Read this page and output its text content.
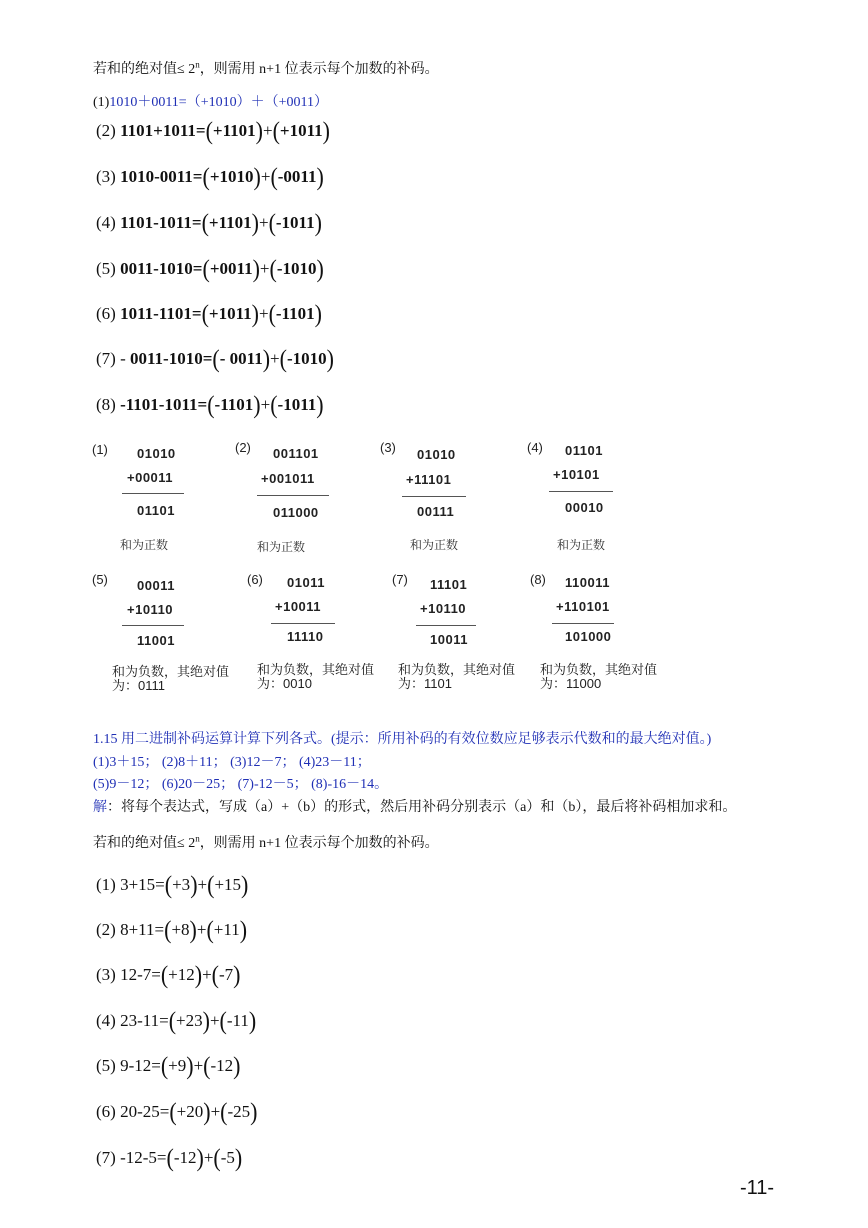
若和的绝对值≤ $2^n$，则需用 n+1 位表示每个加数的补码。
(1)1010＋0011=（+1010）＋（+0011）
(2) 1101+1011=(+1101)+(+1011)
(3) 1010-0011=(+1010)+(-0011)
(4) 1101-1011=(+1101)+(-1011)
(5) 0011-1010=(+0011)+(-1010)
(6) 1011-1101=(+1011)+(-1101)
(7) - 0011-1010=(- 0011)+(-1010)
(8) -1101-1011=(-1101)+(-1011)
(1) 01010
+00011
01101
和为正数
(2) 001101
+001011
011000
和为正数
(3) 01010
+11101
00111
和为正数
(4) 01101
+10101
00010
和为正数
(5) 00011
+10110
11001
和为负数，其绝对值为：0111
(6) 01011
+10011
11110
和为负数，其绝对值为：0010
(7) 11101
+10110
10011
和为负数，其绝对值为：1101
(8) 110011
+110101
101000
和为负数，其绝对值为：11000
1.15 用二进制补码运算计算下列各式。(提示：所用补码的有效位数应足够表示代数和的最大绝对值。)
(1)3＋15； (2)8＋11； (3)12－7； (4)23－11；
(5)9－12； (6)20－25； (7)-12－5； (8)-16－14。
解：将每个表达式，写成（a）+（b）的形式，然后用补码分别表示（a）和（b），最后将补码相加求和。
若和的绝对值≤ $2^n$，则需用 n+1 位表示每个加数的补码。
(1) 3+15=(+3)+(+15)
(2) 8+11=(+8)+(+11)
(3) 12-7=(+12)+(-7)
(4) 23-11=(+23)+(-11)
(5) 9-12=(+9)+(-12)
(6) 20-25=(+20)+(-25)
(7) -12-5=(-12)+(-5)
-11-
